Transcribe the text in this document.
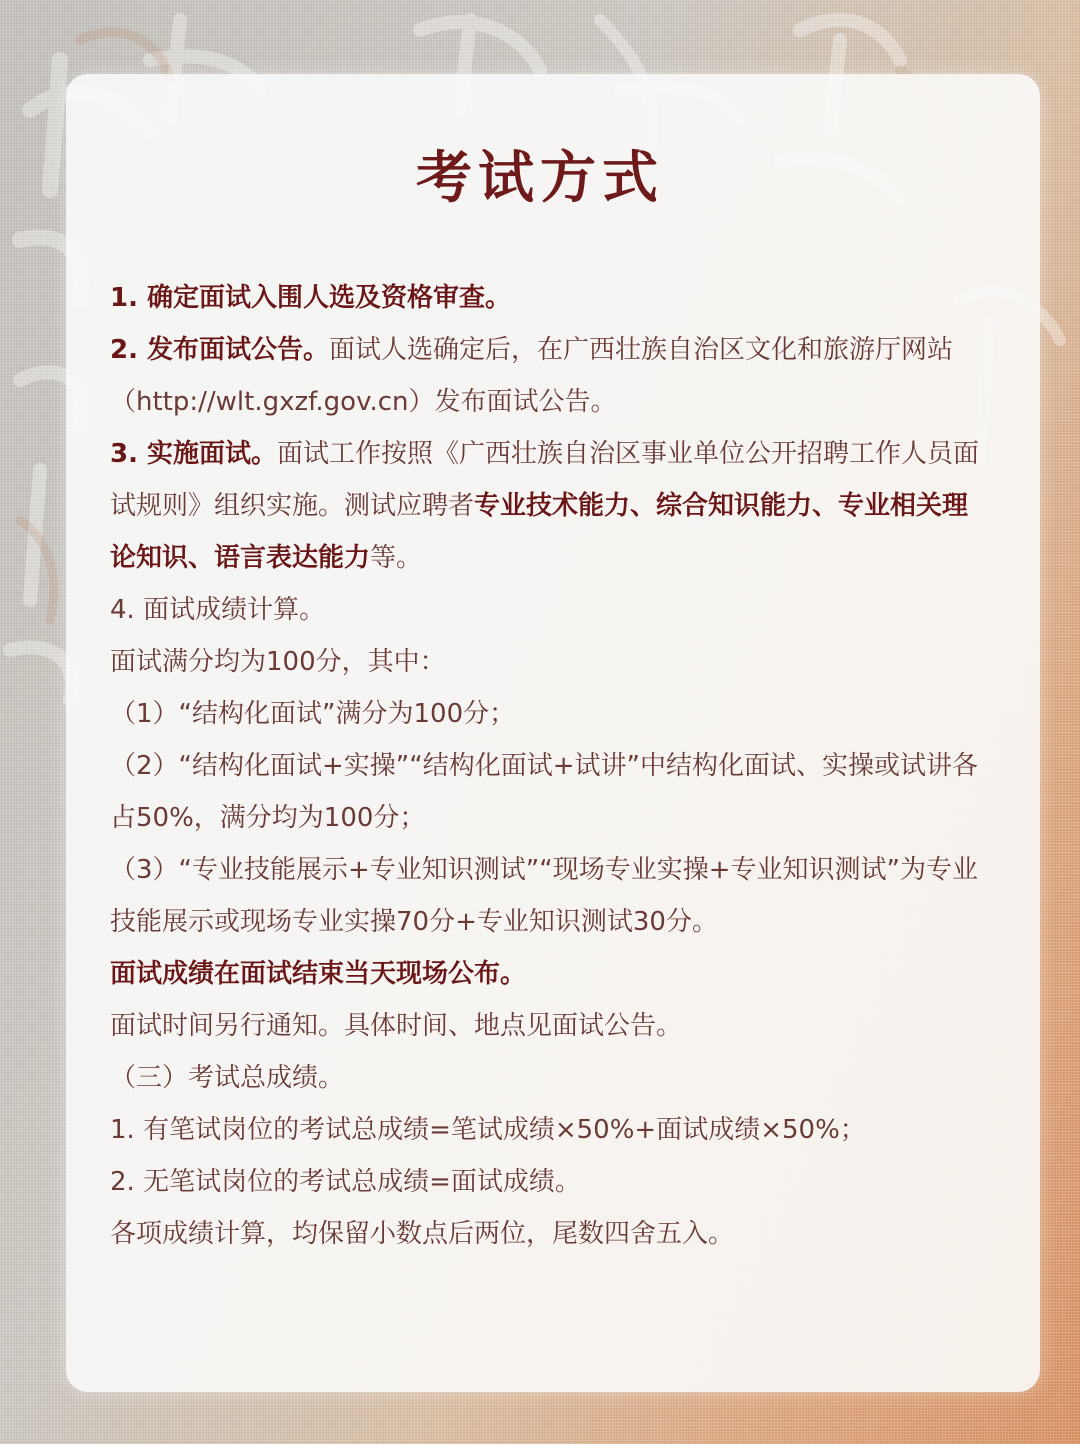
考试方式

1. 确定面试入围人选及资格审查。

2. 发布面试公告。面试人选确定后，在广西壮族自治区文化和旅游厅网站（http://wlt.gxzf.gov.cn）发布面试公告。

3. 实施面试。面试工作按照《广西壮族自治区事业单位公开招聘工作人员面试规则》组织实施。测试应聘者专业技术能力、综合知识能力、专业相关理论知识、语言表达能力等。

4. 面试成绩计算。

面试满分均为100分，其中：

（1）“结构化面试”满分为100分；

（2）“结构化面试+实操”“结构化面试+试讲”中结构化面试、实操或试讲各占50%，满分均为100分；

（3）“专业技能展示+专业知识测试”“现场专业实操+专业知识测试”为专业技能展示或现场专业实操70分+专业知识测试30分。

面试成绩在面试结束当天现场公布。

面试时间另行通知。具体时间、地点见面试公告。

（三）考试总成绩。

1. 有笔试岗位的考试总成绩=笔试成绩×50%+面试成绩×50%；

2. 无笔试岗位的考试总成绩=面试成绩。

各项成绩计算，均保留小数点后两位，尾数四舍五入。
